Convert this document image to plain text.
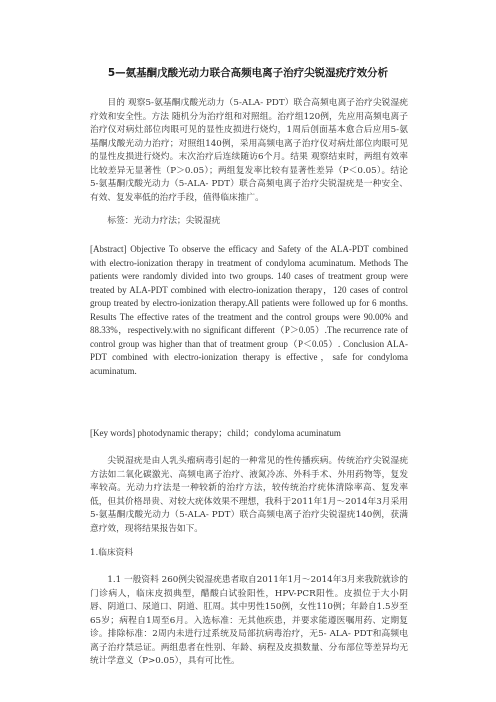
5—氨基酮戊酸光动力联合高频电离子治疗尖锐湿疣疗效分析
目的 观察5-氨基酮戊酸光动力（5-ALA- PDT）联合高频电离子治疗尖锐湿疣疗效和安全性。方法 随机分为治疗组和对照组。治疗组120例，先应用高频电离子治疗仪对病灶部位肉眼可见的显性皮损进行烧灼，1周后创面基本愈合后应用5-氨基酮戊酸光动力治疗；对照组140例，采用高频电离子治疗仪对病灶部位肉眼可见的显性皮损进行烧灼。末次治疗后连续随访6个月。结果 观察结束时，两组有效率比较差异无显著性（P＞0.05）；两组复发率比较有显著性差异（P＜0.05）。结论 5-氨基酮戊酸光动力（5-ALA- PDT）联合高频电离子治疗尖锐湿疣是一种安全、有效、复发率低的治疗手段，值得临床推广。
标签：光动力疗法；尖锐湿疣
[Abstract] Objective To observe the efficacy and Safety of the ALA-PDT combined with electro-ionization therapy in treatment of condyloma acuminatum. Methods The patients were randomly divided into two groups. 140 cases of treatment group were treated by ALA-PDT combined with electro-ionization therapy，120 cases of control group treated by electro-ionization therapy.All patients were followed up for 6 months. Results The effective rates of the treatment and the control groups were 90.00% and 88.33%，respectively.with no significant different（P＞0.05）.The recurrence rate of control group was higher than that of treatment group（P＜0.05）. Conclusion ALA-PDT combined with electro-ionization therapy is effective，safe for condyloma acuminatum.
[Key words] photodynamic therapy；child；condyloma acuminatum
尖锐湿疣是由人乳头瘤病毒引起的一种常见的性传播疾病。传统治疗尖锐湿疣方法如二氧化碳激光、高频电离子治疗、液氮冷冻、外科手术、外用药物等，复发率较高。光动力疗法是一种较新的治疗方法，较传统治疗疣体清除率高、复发率低，但其价格昂贵、对较大疣体效果不理想，我科于2011年1月～2014年3月采用5-氨基酮戊酸光动力（5-ALA- PDT）联合高频电离子治疗尖锐湿疣140例，获满意疗效，现将结果报告如下。
1.临床资料
1.1 一般资料 260例尖锐湿疣患者取自2011年1月～2014年3月来我院就诊的门诊病人，临床皮损典型，醋酸白试验阳性，HPV-PCR阳性。皮损位于大小阴唇、阴道口、尿道口、阴道、肛周。其中男性150例，女性110例；年龄自1.5岁至65岁；病程自1周至6月。入选标准：无其他疾患，并要求能遵医嘱用药、定期复诊。排除标准：2周内未进行过系统及局部抗病毒治疗，无5- ALA- PDT和高频电离子治疗禁忌证。两组患者在性别、年龄、病程及皮损数量、分布部位等差异均无统计学意义（P>0.05），具有可比性。
